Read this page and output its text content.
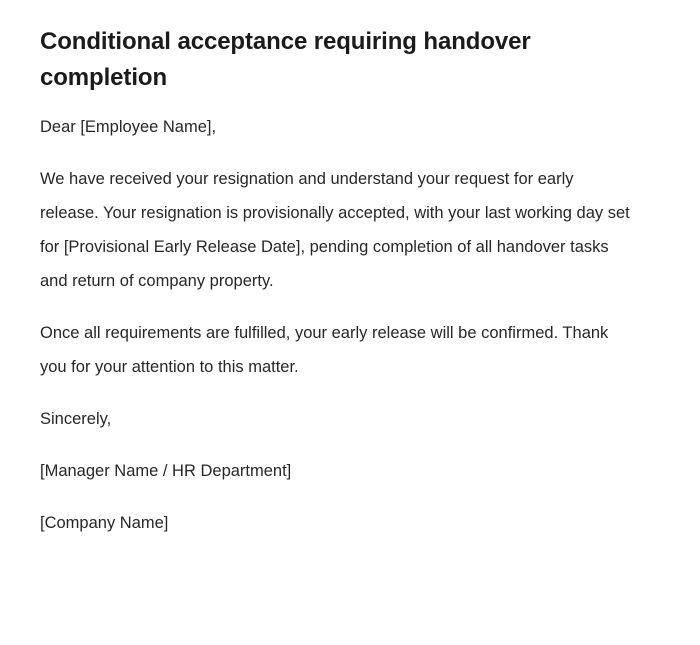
Conditional acceptance requiring handover completion

Dear [Employee Name],

We have received your resignation and understand your request for early release. Your resignation is provisionally accepted, with your last working day set for [Provisional Early Release Date], pending completion of all handover tasks and return of company property.

Once all requirements are fulfilled, your early release will be confirmed. Thank you for your attention to this matter.

Sincerely,

[Manager Name / HR Department]

[Company Name]
